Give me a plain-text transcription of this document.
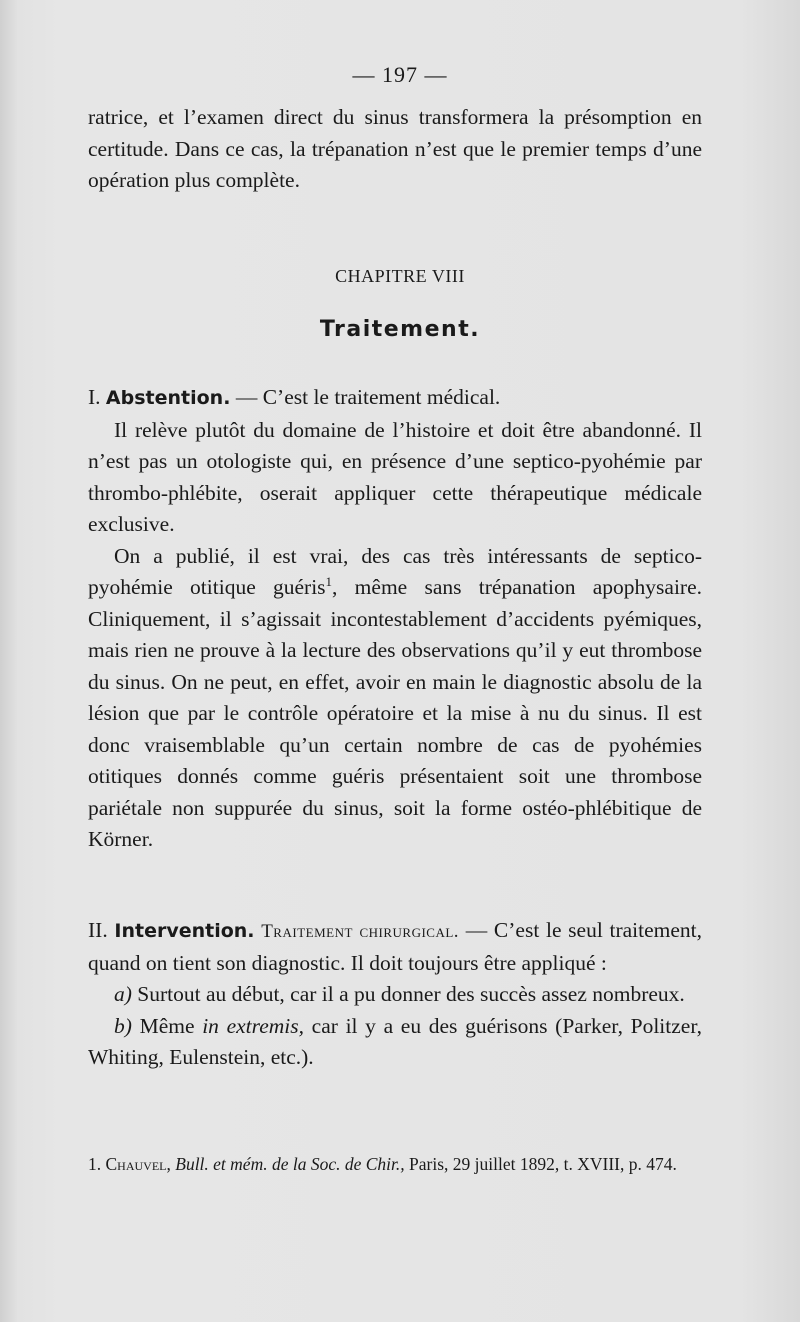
— 197 —

ratrice, et l’examen direct du sinus transformera la présomption en certitude. Dans ce cas, la trépanation n’est que le premier temps d’une opération plus complète.

CHAPITRE VIII
Traitement.

I. Abstention. — C’est le traitement médical.

Il relève plutôt du domaine de l’histoire et doit être abandonné. Il n’est pas un otologiste qui, en présence d’une septico-pyohémie par thrombo-phlébite, oserait appliquer cette thérapeutique médicale exclusive.

On a publié, il est vrai, des cas très intéressants de septico-pyohémie otitique guéris$^1$, même sans trépanation apophysaire. Cliniquement, il s’agissait incontestablement d’accidents pyémiques, mais rien ne prouve à la lecture des observations qu’il y eut thrombose du sinus. On ne peut, en effet, avoir en main le diagnostic absolu de la lésion que par le contrôle opératoire et la mise à nu du sinus. Il est donc vraisemblable qu’un certain nombre de cas de pyohémies otitiques donnés comme guéris présentaient soit une thrombose pariétale non suppurée du sinus, soit la forme ostéo-phlébitique de Körner.

II. Intervention. Traitement chirurgical. — C’est le seul traitement, quand on tient son diagnostic. Il doit toujours être appliqué :

a) Surtout au début, car il a pu donner des succès assez nombreux.

b) Même in extremis, car il y a eu des guérisons (Parker, Politzer, Whiting, Eulenstein, etc.).

1. Chauvel, Bull. et mém. de la Soc. de Chir., Paris, 29 juillet 1892, t. XVIII, p. 474.
